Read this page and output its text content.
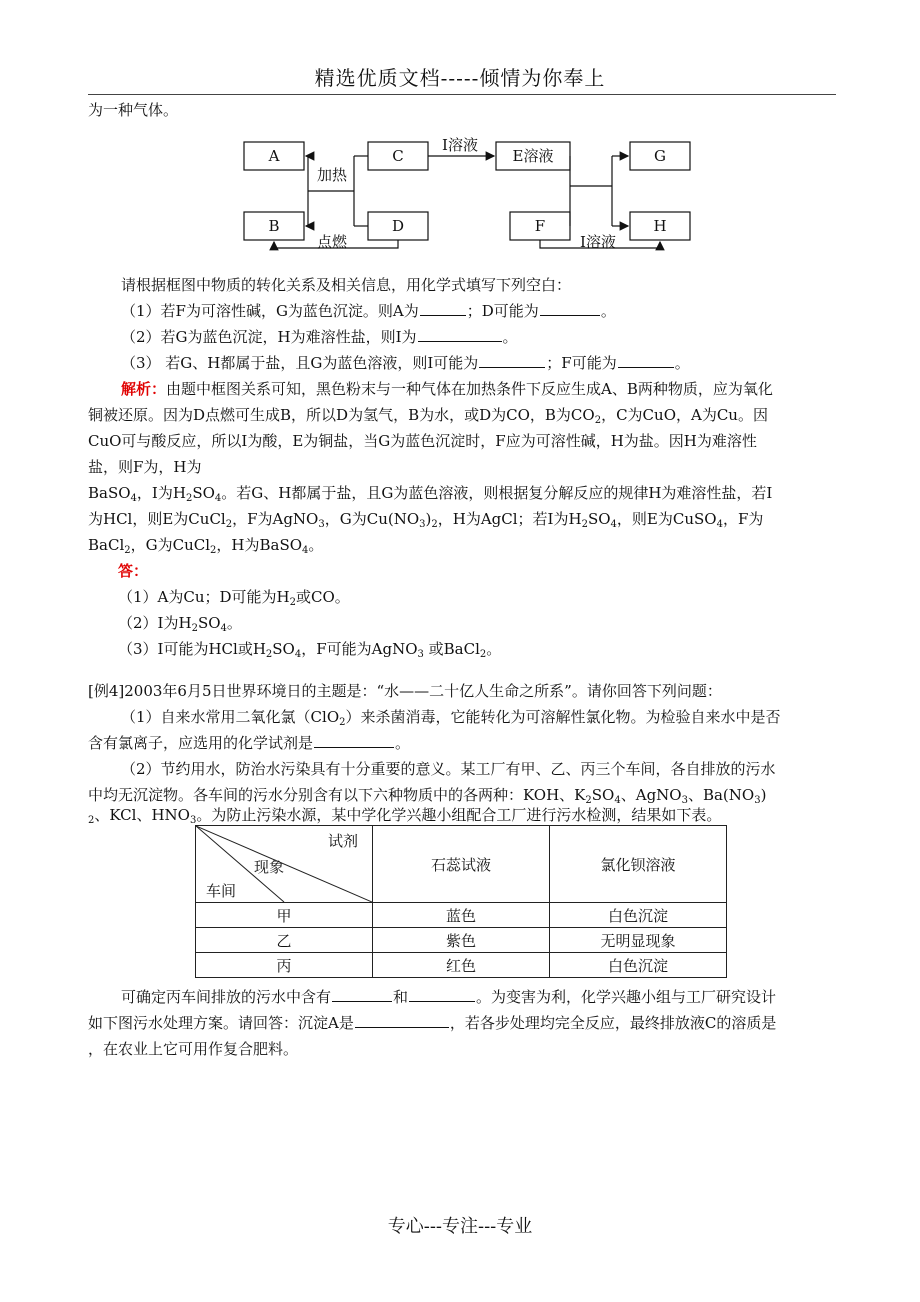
精选优质文档-----倾情为你奉上
为一种气体。
A
B
C
D
E溶液
F
G
H
加热
点燃
I溶液
I溶液
请根据框图中物质的转化关系及相关信息，用化学式填写下列空白：
（1）若F为可溶性碱，G为蓝色沉淀。则A为	；D可能为	。
（2）若G为蓝色沉淀，H为难溶性盐，则I为	。
（3） 若G、H都属于盐，且G为蓝色溶液，则I可能为	；F可能为	。
解析：由题中框图关系可知，黑色粉末与一种气体在加热条件下反应生成A、B两种物质，应为氧化
铜被还原。因为D点燃可生成B，所以D为氢气，B为水，或D为CO，B为$CO_2$，C为CuO，A为Cu。因
CuO可与酸反应，所以I为酸，E为铜盐，当G为蓝色沉淀时，F应为可溶性碱，H为盐。因H为难溶性
盐，则F为，H为
BaSO$_4$，I为$H_2SO_4$。若G、H都属于盐，且G为蓝色溶液，则根据复分解反应的规律H为难溶性盐，若I
为HCl，则E为CuCl$_2$，F为AgNO$_3$，G为$Cu(NO_3)_2$，H为AgCl；若I为$H_2SO_4$，则E为CuSO$_4$，F为
BaCl$_2$，G为CuCl$_2$，H为BaSO$_4$。
答：
（1）A为Cu；D可能为$H_2$或CO。
（2）I为$H_2SO_4$。
（3）I可能为HCl或$H_2SO_4$，F可能为AgNO$_3$ 或BaCl$_2$。
[例4]2003年6月5日世界环境日的主题是：“水——二十亿人生命之所系”。请你回答下列问题：
（1）自来水常用二氧化氯（ClO$_2$）来杀菌消毒，它能转化为可溶解性氯化物。为检验自来水中是否
含有氯离子，应选用的化学试剂是	。
（2）节约用水，防治水污染具有十分重要的意义。某工厂有甲、乙、丙三个车间，各自排放的污水
中均无沉淀物。各车间的污水分别含有以下六种物质中的各两种：KOH、$K_2SO_4$、AgNO$_3$、$Ba(NO_3)$
$_2$、KCl、$HNO_3$。为防止污染水源，某中学化学兴趣小组配合工厂进行污水检测，结果如下表。
试剂
现象
车间	石蕊试液	氯化钡溶液
甲	蓝色	白色沉淀
乙	紫色	无明显现象
丙	红色	白色沉淀
可确定丙车间排放的污水中含有	和	。为变害为利，化学兴趣小组与工厂研究设计
如下图污水处理方案。请回答：沉淀A是	，若各步处理均完全反应，最终排放液C的溶质是
，在农业上它可用作复合肥料。
专心---专注---专业
